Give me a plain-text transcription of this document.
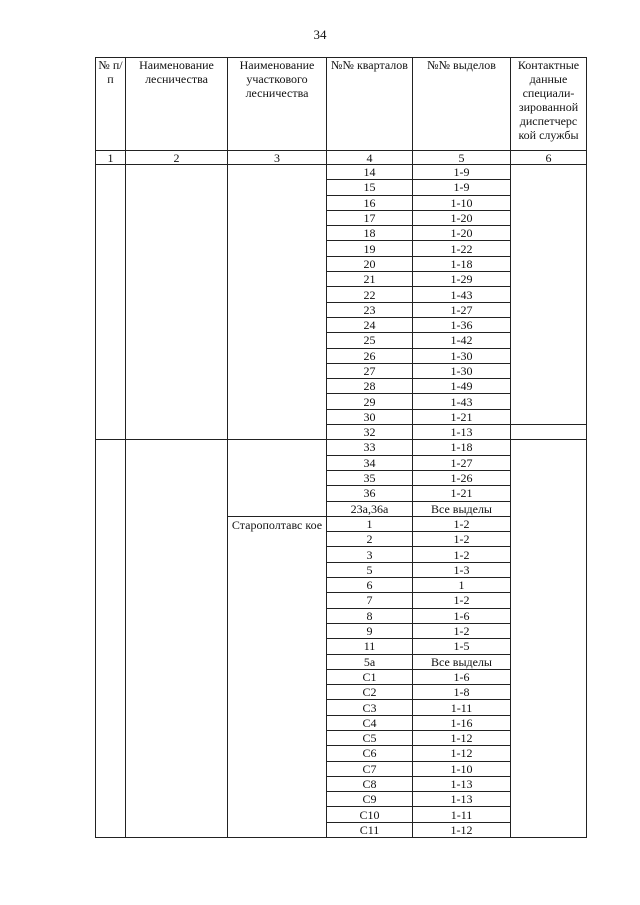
34
№ п/п	Наименование лесничества	Наименование участкового лесничества	№№ кварталов	№№ выделов	Контактные данные специали-зированной диспетчерс кой службы
1	2	3	4	5	6
			14	1-9	
			15	1-9	
			16	1-10	
			17	1-20	
			18	1-20	
			19	1-22	
			20	1-18	
			21	1-29	
			22	1-43	
			23	1-27	
			24	1-36	
			25	1-42	
			26	1-30	
			27	1-30	
			28	1-49	
			29	1-43	
			30	1-21	
			32	1-13	
			33	1-18	
			34	1-27	
			35	1-26	
			36	1-21	
			23а,36а	Все выделы	
		Старополтавс кое	1	1-2	
			2	1-2	
			3	1-2	
			5	1-3	
			6	1	
			7	1-2	
			8	1-6	
			9	1-2	
			11	1-5	
			5а	Все выделы	
			С1	1-6	
			С2	1-8	
			С3	1-11	
			С4	1-16	
			С5	1-12	
			С6	1-12	
			С7	1-10	
			С8	1-13	
			С9	1-13	
			С10	1-11	
			С11	1-12	
